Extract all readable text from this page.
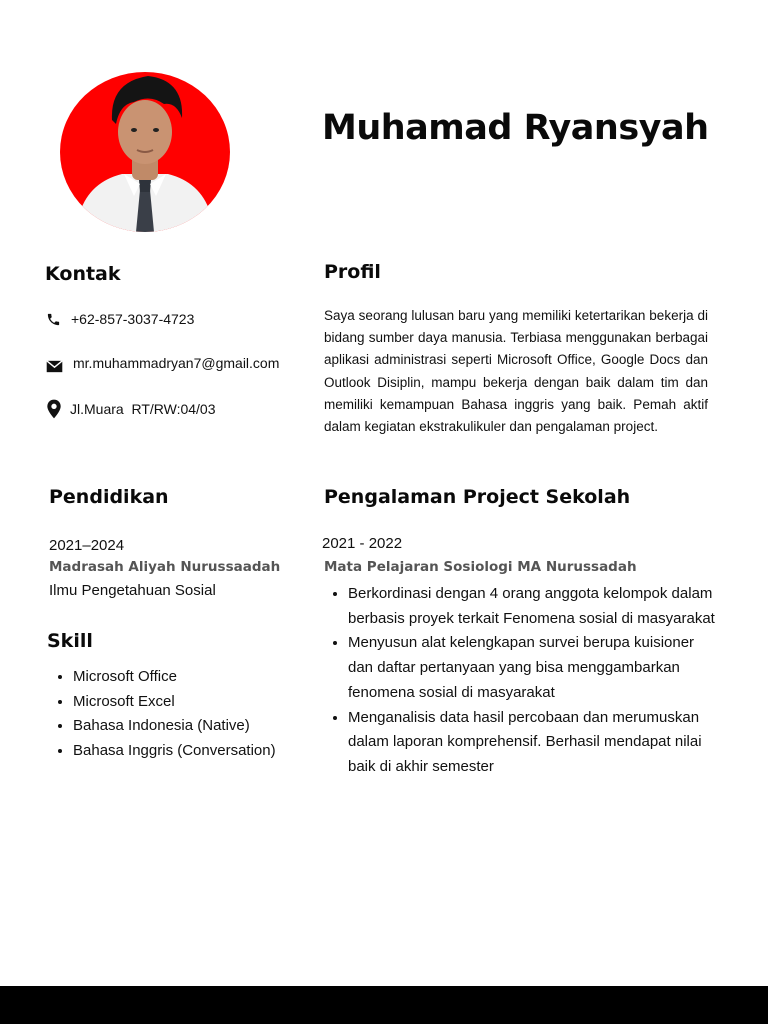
Muhamad Ryansyah
Kontak
+62-857-3037-4723
mr.muhammadryan7@gmail.com
Jl.Muara  RT/RW:04/03
Profil
Saya seorang lulusan baru yang memiliki ketertarikan bekerja di bidang sumber daya manusia. Terbiasa menggunakan berbagai aplikasi administrasi seperti Microsoft Office, Google Docs dan Outlook Disiplin, mampu bekerja dengan baik dalam tim dan memiliki kemampuan Bahasa inggris yang baik. Pemah aktif dalam kegiatan ekstrakulikuler dan pengalaman project.
Pendidikan
2021–2024
Madrasah Aliyah Nurussaadah
Ilmu Pengetahuan Sosial
Skill
• Microsoft Office
• Microsoft Excel
• Bahasa Indonesia (Native)
• Bahasa Inggris (Conversation)
Pengalaman Project Sekolah
2021 - 2022
Mata Pelajaran Sosiologi MA Nurussadah
• Berkordinasi dengan 4 orang anggota kelompok dalam berbasis proyek terkait Fenomena sosial di masyarakat
• Menyusun alat kelengkapan survei berupa kuisioner dan daftar pertanyaan yang bisa menggambarkan fenomena sosial di masyarakat
• Menganalisis data hasil percobaan dan merumuskan dalam laporan komprehensif. Berhasil mendapat nilai baik di akhir semester
